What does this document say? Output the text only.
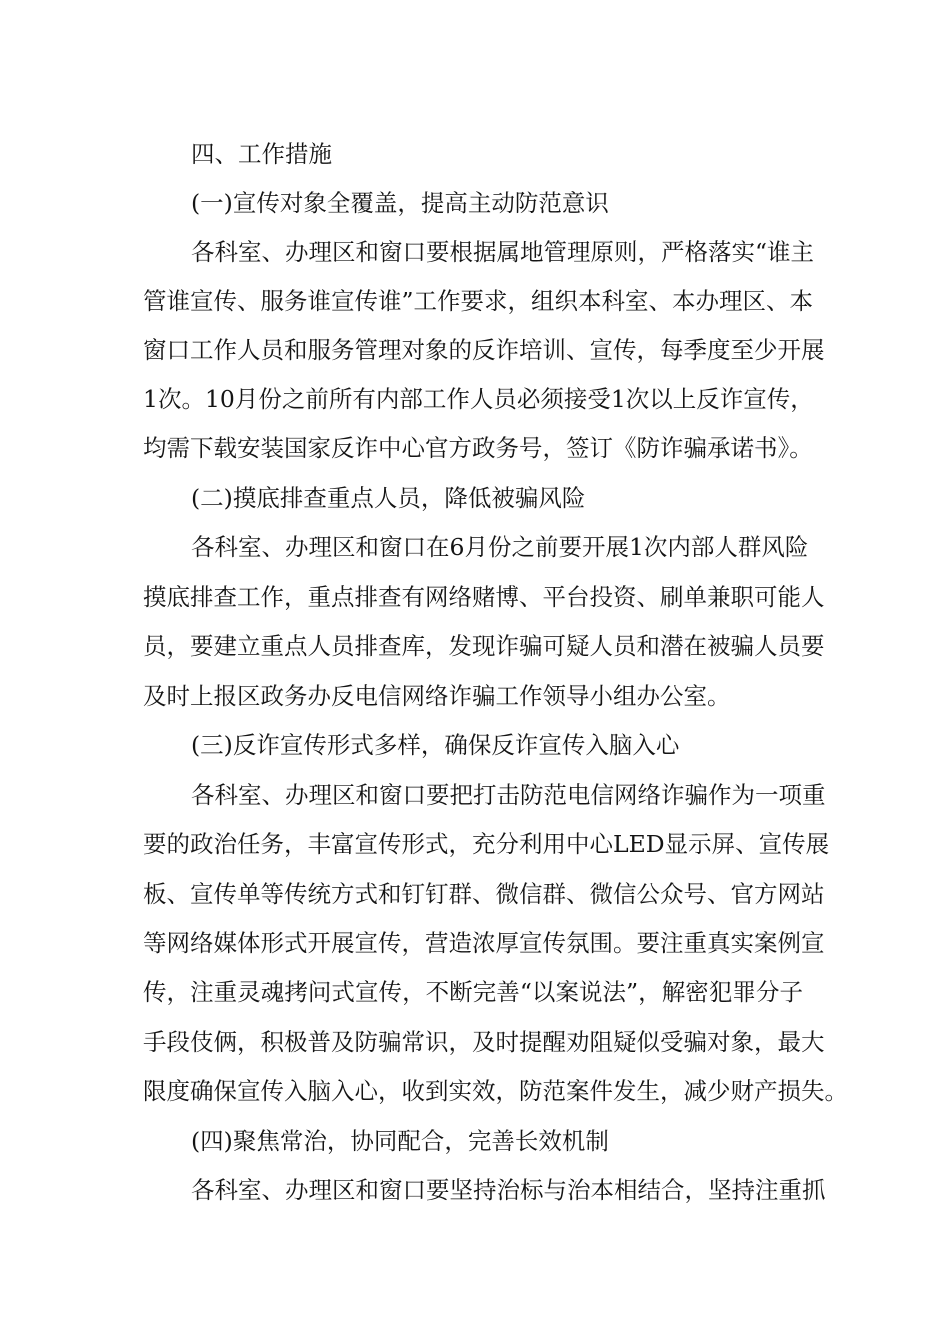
四、工作措施
(一)宣传对象全覆盖，提高主动防范意识
各科室、办理区和窗口要根据属地管理原则，严格落实“谁主
管谁宣传、服务谁宣传谁”工作要求，组织本科室、本办理区、本
窗口工作人员和服务管理对象的反诈培训、宣传，每季度至少开展
1次。10月份之前所有内部工作人员必须接受1次以上反诈宣传，
均需下载安装国家反诈中心官方政务号，签订《防诈骗承诺书》。
(二)摸底排查重点人员，降低被骗风险
各科室、办理区和窗口在6月份之前要开展1次内部人群风险
摸底排查工作，重点排查有网络赌博、平台投资、刷单兼职可能人
员，要建立重点人员排查库，发现诈骗可疑人员和潜在被骗人员要
及时上报区政务办反电信网络诈骗工作领导小组办公室。
(三)反诈宣传形式多样，确保反诈宣传入脑入心
各科室、办理区和窗口要把打击防范电信网络诈骗作为一项重
要的政治任务，丰富宣传形式，充分利用中心LED显示屏、宣传展
板、宣传单等传统方式和钉钉群、微信群、微信公众号、官方网站
等网络媒体形式开展宣传，营造浓厚宣传氛围。要注重真实案例宣
传，注重灵魂拷问式宣传，不断完善“以案说法”，解密犯罪分子
手段伎俩，积极普及防骗常识，及时提醒劝阻疑似受骗对象，最大
限度确保宣传入脑入心，收到实效，防范案件发生，减少财产损失。
(四)聚焦常治，协同配合，完善长效机制
各科室、办理区和窗口要坚持治标与治本相结合，坚持注重抓
